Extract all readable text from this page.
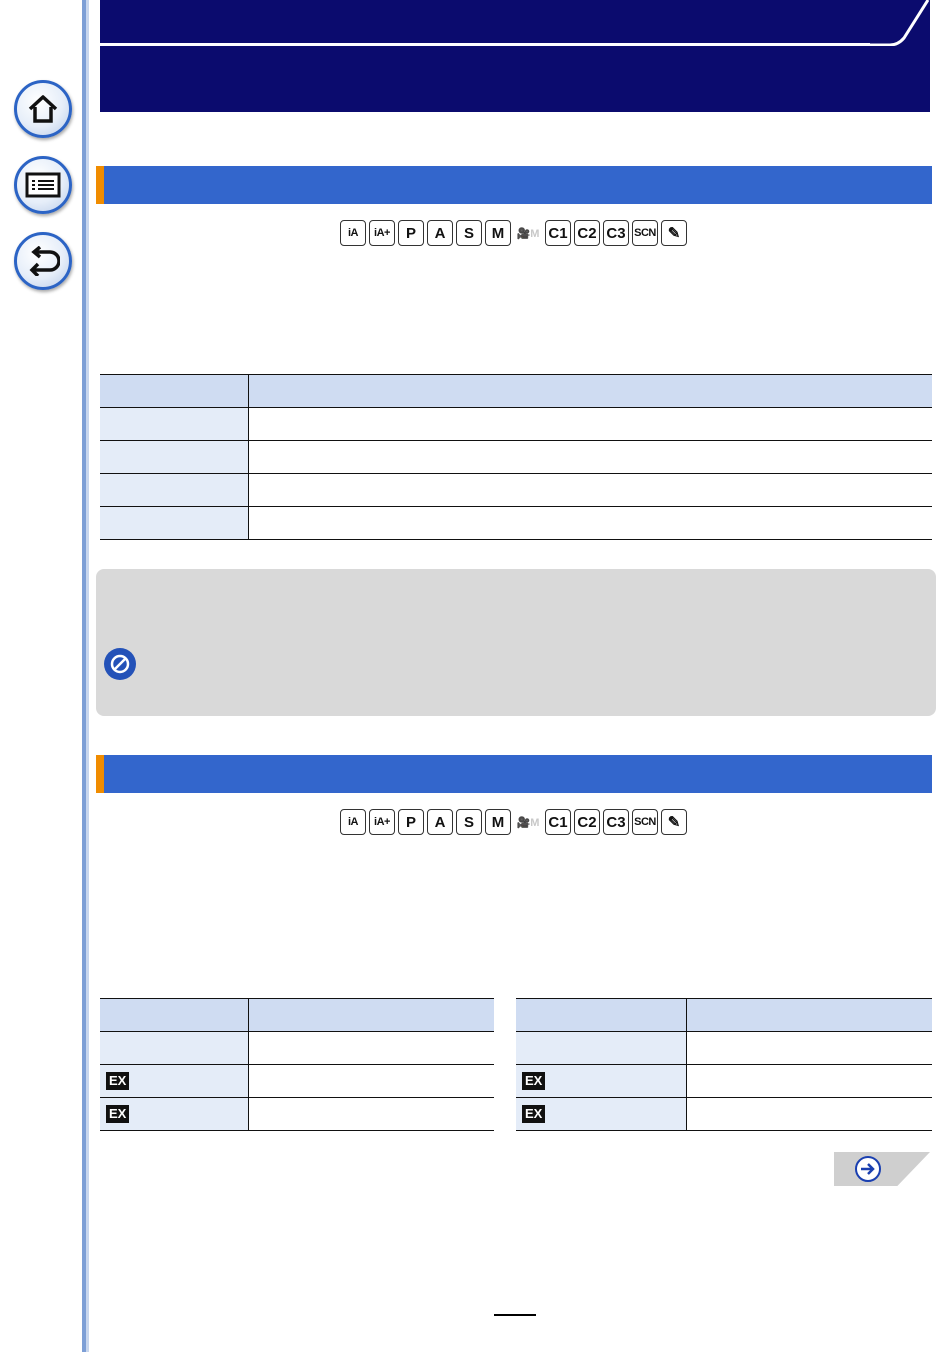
iA	iA+	P	A	S	M	🎥M C1 C2 C3 SCN ✎

iA	iA+	P	A	S	M	🎥M C1 C2 C3 SCN ✎

EX	
EX	

EX	
EX	
